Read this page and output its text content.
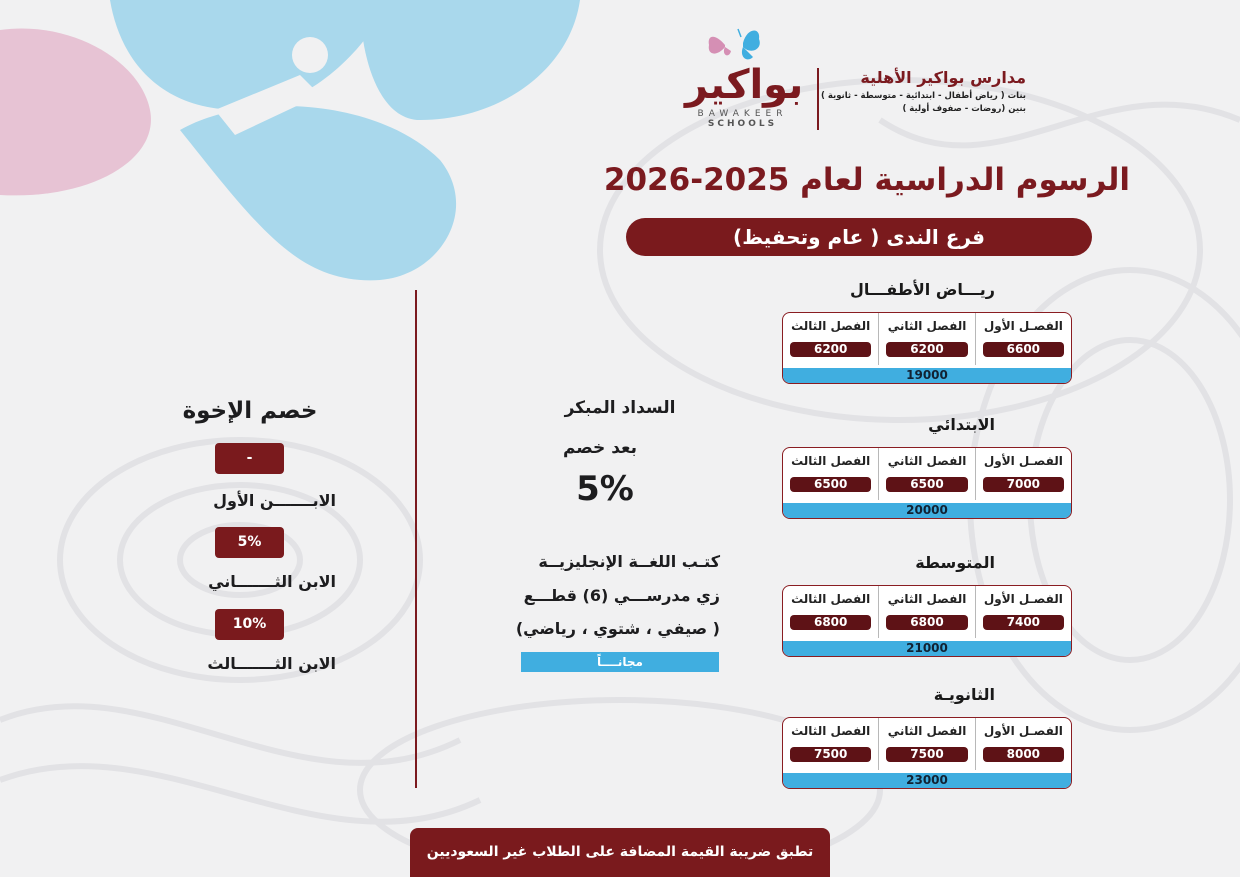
بواكير
BAWAKEER
SCHOOLS
مدارس بواكير الأهلية
بنات ( رياض أطفال - ابتدائية - متوسطة - ثانوية )
بنين (روضات - صفوف أولية )
الرسوم الدراسية لعام 2025-2026
فرع الندى ( عام وتحفيظ)
ريـــاض الأطفـــال
الفصـل الأول
6600
الفصل الثاني
6200
الفصل الثالث
6200
19000
الابتدائي
الفصـل الأول
7000
الفصل الثاني
6500
الفصل الثالث
6500
20000
المتوسطة
الفصـل الأول
7400
الفصل الثاني
6800
الفصل الثالث
6800
21000
الثانويـة
الفصـل الأول
8000
الفصل الثاني
7500
الفصل الثالث
7500
23000
السداد المبكر
بعد خصم
5%
كتـب اللغــة الإنجليزيــة
زي مدرســـي (6) قطـــع
( صيفي ، شتوي ، رياضي)
مجانــــاً
خصم الإخوة
-
الابـــــــن الأول
5%
الابن الثـــــــاني
10%
الابن الثـــــــالث
تطبق ضريبة القيمة المضافة على الطلاب غير السعوديين
